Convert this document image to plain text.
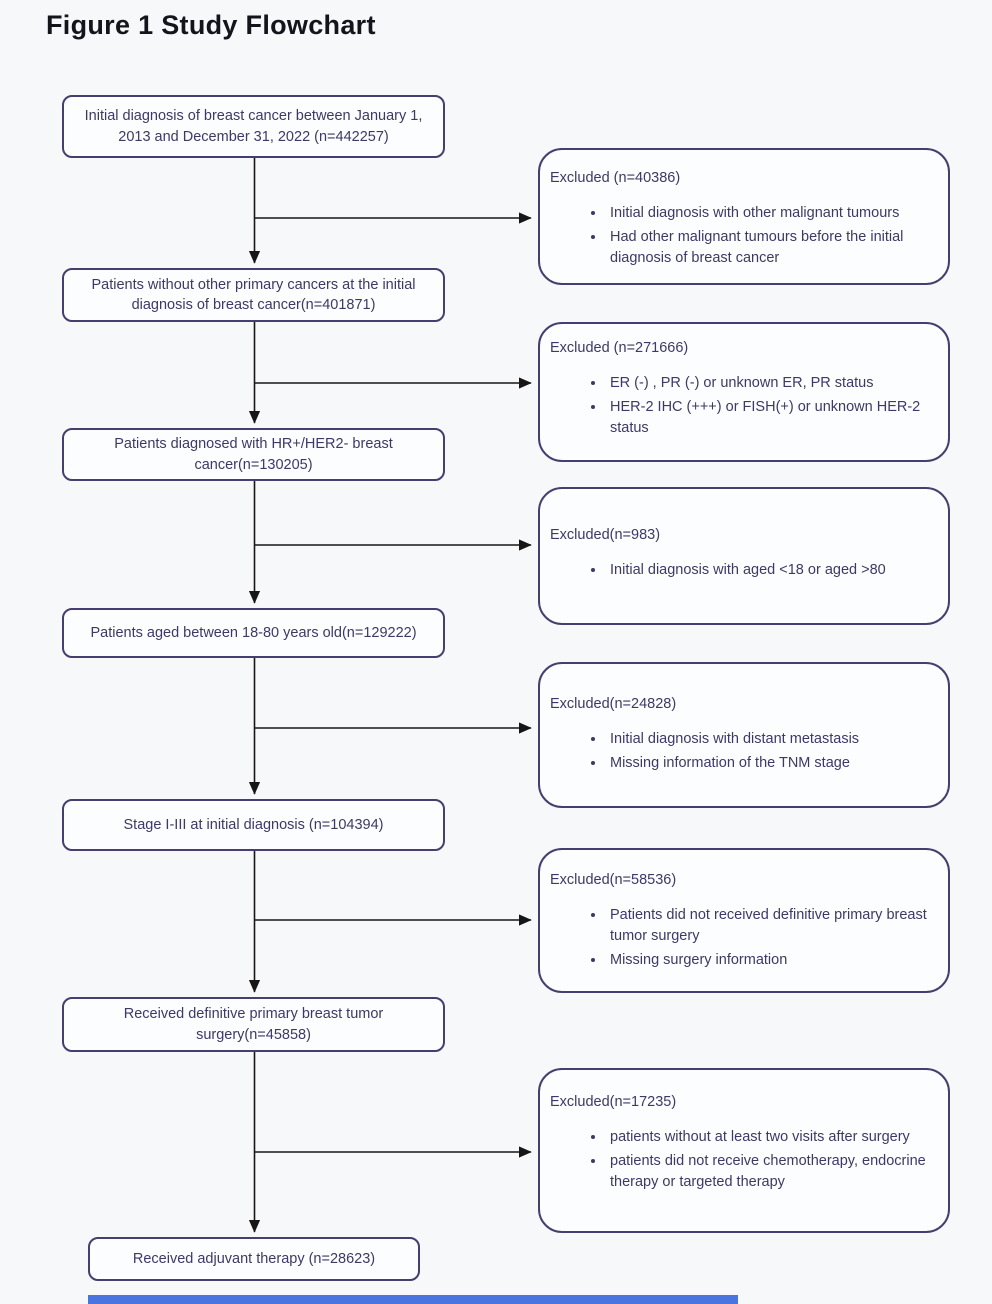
Figure 1 Study Flowchart
Initial diagnosis of breast cancer between January 1, 2013 and December 31, 2022 (n=442257)
Patients without other primary cancers at the initial diagnosis of breast cancer(n=401871)
Patients diagnosed with HR+/HER2- breast cancer(n=130205)
Patients aged between 18-80 years old(n=129222)
Stage I-III at initial diagnosis (n=104394)
Received definitive primary breast tumor surgery(n=45858)
Received adjuvant therapy (n=28623)
Excluded (n=40386)
• Initial diagnosis with other malignant tumours
• Had other malignant tumours before the initial diagnosis of breast cancer
Excluded (n=271666)
• ER (-) , PR (-) or unknown ER, PR status
• HER-2 IHC (+++) or FISH(+) or unknown HER-2 status
Excluded(n=983)
• Initial diagnosis with aged <18 or aged >80
Excluded(n=24828)
• Initial diagnosis with distant metastasis
• Missing information of the TNM stage
Excluded(n=58536)
• Patients did not received definitive primary breast tumor surgery
• Missing surgery information
Excluded(n=17235)
• patients without at least two visits after surgery
• patients did not receive chemotherapy, endocrine therapy or targeted therapy
